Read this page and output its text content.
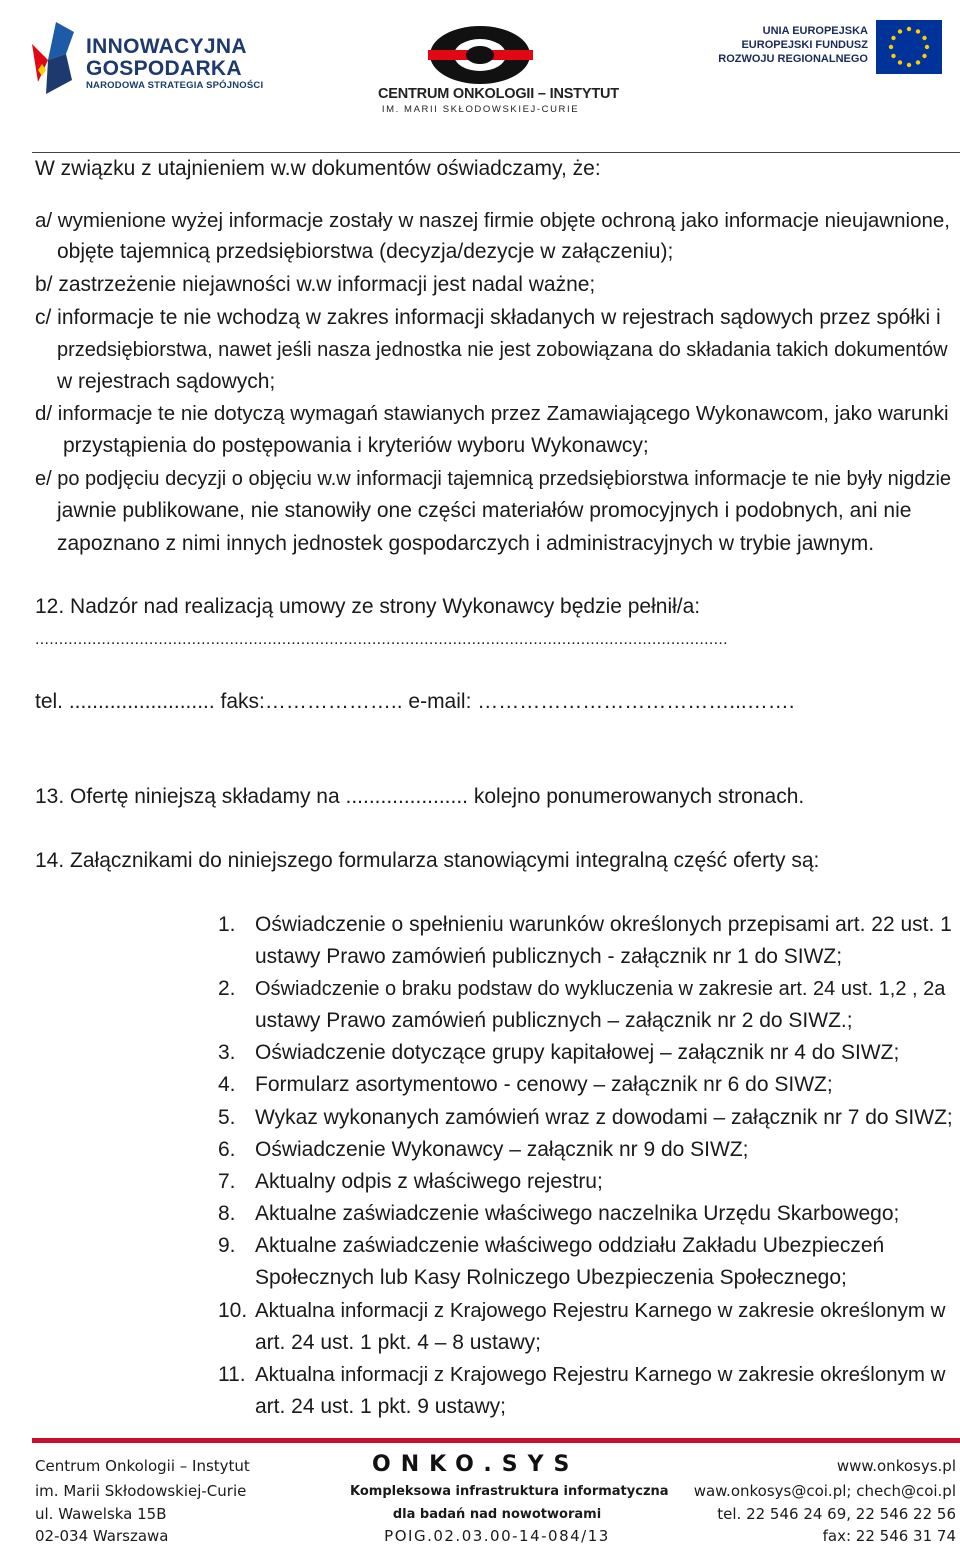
INNOWACYJNA
GOSPODARKA
NARODOWA STRATEGIA SPÓJNOŚCI
CENTRUM ONKOLOGII – INSTYTUT
IM. MARII SKŁODOWSKIEJ-CURIE
UNIA EUROPEJSKA
EUROPEJSKI FUNDUSZ
ROZWOJU REGIONALNEGO
W związku z utajnieniem w.w dokumentów oświadczamy, że:
a/ wymienione wyżej informacje zostały w naszej firmie objęte ochroną jako informacje nieujawnione,
objęte tajemnicą przedsiębiorstwa (decyzja/dezycje w załączeniu);
b/ zastrzeżenie niejawności w.w informacji jest nadal ważne;
c/ informacje te nie wchodzą w zakres informacji składanych w rejestrach sądowych przez spółki i
przedsiębiorstwa, nawet jeśli nasza jednostka nie jest zobowiązana do składania takich dokumentów
w rejestrach sądowych;
d/ informacje te nie dotyczą wymagań stawianych przez Zamawiającego Wykonawcom, jako warunki
przystąpienia do postępowania i kryteriów wyboru Wykonawcy;
e/ po podjęciu decyzji o objęciu w.w informacji tajemnicą przedsiębiorstwa informacje te nie były nigdzie
jawnie publikowane, nie stanowiły one części materiałów promocyjnych i podobnych, ani nie
zapoznano z nimi innych jednostek gospodarczych i administracyjnych w trybie jawnym.
12. Nadzór nad realizacją umowy ze strony Wykonawcy będzie pełnił/a:
..................................................................................................................................................
tel. ......................... faks:……………….. e-mail: ………………………………...…….
13. Ofertę niniejszą składamy na ..................... kolejno ponumerowanych stronach.
14. Załącznikami do niniejszego formularza stanowiącymi integralną część oferty są:
1. Oświadczenie o spełnieniu warunków określonych przepisami art. 22 ust. 1
ustawy Prawo zamówień publicznych - załącznik nr 1 do SIWZ;
2. Oświadczenie o braku podstaw do wykluczenia w zakresie art. 24 ust. 1,2 , 2a
ustawy Prawo zamówień publicznych – załącznik nr 2 do SIWZ.;
3. Oświadczenie dotyczące grupy kapitałowej – załącznik nr 4 do SIWZ;
4. Formularz asortymentowo - cenowy – załącznik nr 6 do SIWZ;
5. Wykaz wykonanych zamówień wraz z dowodami – załącznik nr 7 do SIWZ;
6. Oświadczenie Wykonawcy – załącznik nr 9 do SIWZ;
7. Aktualny odpis z właściwego rejestru;
8. Aktualne zaświadczenie właściwego naczelnika Urzędu Skarbowego;
9. Aktualne zaświadczenie właściwego oddziału Zakładu Ubezpieczeń
Społecznych lub Kasy Rolniczego Ubezpieczenia Społecznego;
10. Aktualna informacji z Krajowego Rejestru Karnego w zakresie określonym w
art. 24 ust. 1 pkt. 4 – 8 ustawy;
11. Aktualna informacji z Krajowego Rejestru Karnego w zakresie określonym w
art. 24 ust. 1 pkt. 9 ustawy;
Centrum Onkologii – Instytut
im. Marii Skłodowskiej-Curie
ul. Wawelska 15B
02-034 Warszawa
ONKO.SYS
Kompleksowa infrastruktura informatyczna
dla badań nad nowotworami
POIG.02.03.00-14-084/13
www.onkosys.pl
waw.onkosys@coi.pl; chech@coi.pl
tel. 22 546 24 69, 22 546 22 56
fax: 22 546 31 74
